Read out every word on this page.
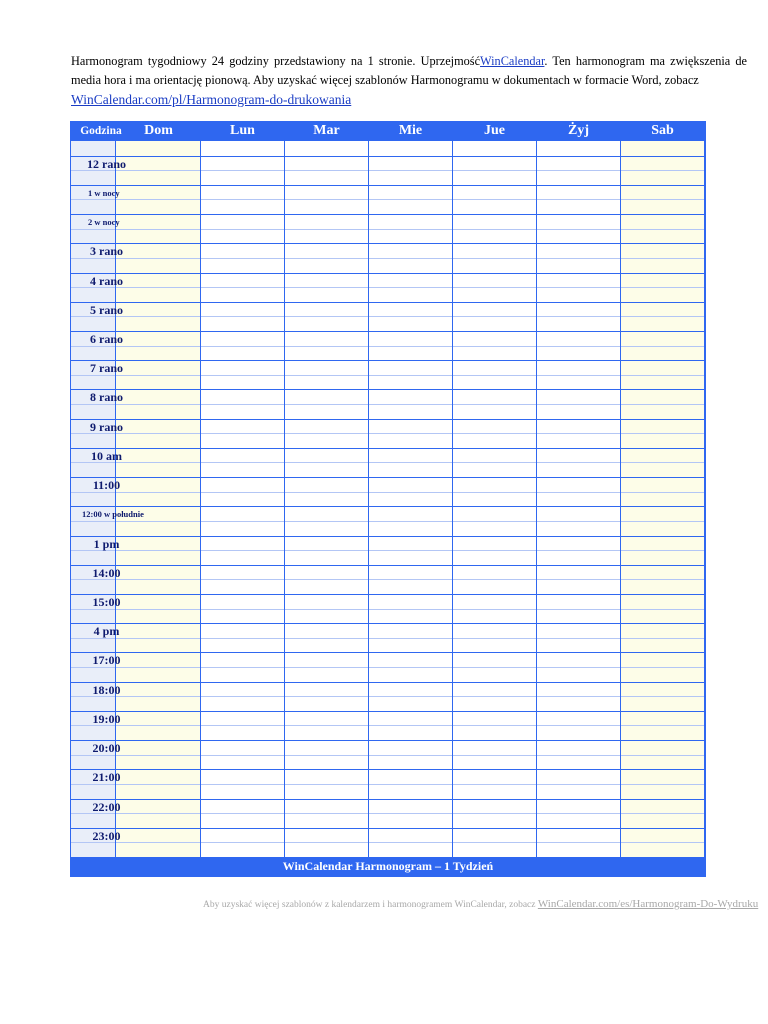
Harmonogram tygodniowy 24 godziny przedstawiony na 1 stronie. UprzejmośćWinCalendar. Ten harmonogram ma zwiększenia de media hora i ma orientację pionową. Aby uzyskać więcej szablonów Harmonogramu w dokumentach w formacie Word, zobacz
WinCalendar.com/pl/Harmonogram-do-drukowania
Godzina	Dom	Lun	Mar	Mie	Jue	Żyj	Sab
12 rano
1 w nocy
2 w nocy
3 rano
4 rano
5 rano
6 rano
7 rano
8 rano
9 rano
10 am
11:00
12:00 w południe
1 pm
14:00
15:00
4 pm
17:00
18:00
19:00
20:00
21:00
22:00
23:00
WinCalendar Harmonogram – 1 Tydzień
Aby uzyskać więcej szablonów z kalendarzem i harmonogramem WinCalendar, zobacz WinCalendar.com/es/Harmonogram-Do-Wydruku
